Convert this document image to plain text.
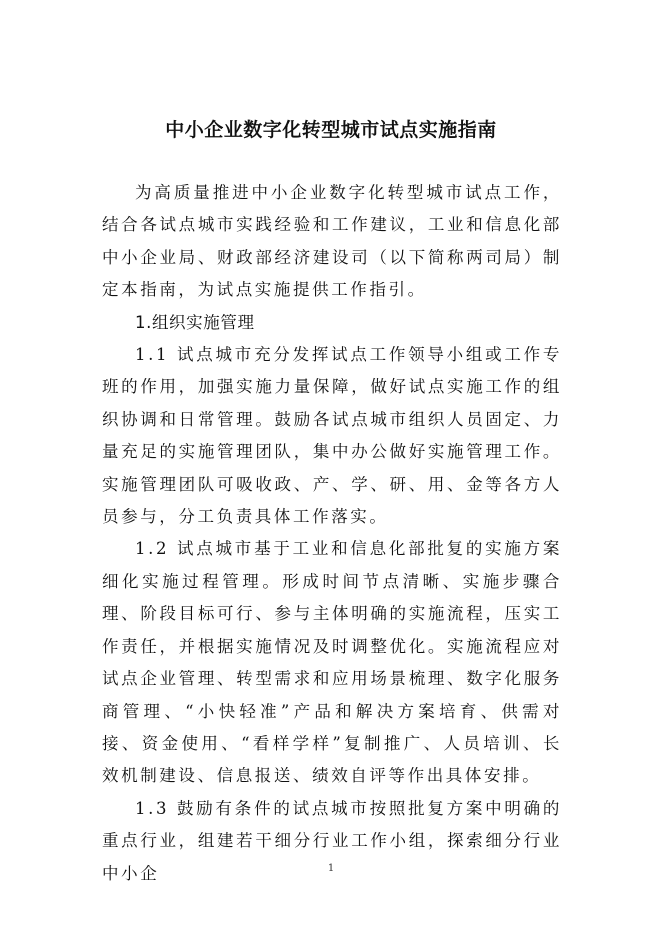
中小企业数字化转型城市试点实施指南

为高质量推进中小企业数字化转型城市试点工作，结合各试点城市实践经验和工作建议，工业和信息化部中小企业局、财政部经济建设司（以下简称两司局）制定本指南，为试点实施提供工作指引。

1.组织实施管理

1.1 试点城市充分发挥试点工作领导小组或工作专班的作用，加强实施力量保障，做好试点实施工作的组织协调和日常管理。鼓励各试点城市组织人员固定、力量充足的实施管理团队，集中办公做好实施管理工作。实施管理团队可吸收政、产、学、研、用、金等各方人员参与，分工负责具体工作落实。

1.2 试点城市基于工业和信息化部批复的实施方案细化实施过程管理。形成时间节点清晰、实施步骤合理、阶段目标可行、参与主体明确的实施流程，压实工作责任，并根据实施情况及时调整优化。实施流程应对试点企业管理、转型需求和应用场景梳理、数字化服务商管理、“小快轻准”产品和解决方案培育、供需对接、资金使用、“看样学样”复制推广、人员培训、长效机制建设、信息报送、绩效自评等作出具体安排。

1.3 鼓励有条件的试点城市按照批复方案中明确的重点行业，组建若干细分行业工作小组，探索细分行业中小企	1
